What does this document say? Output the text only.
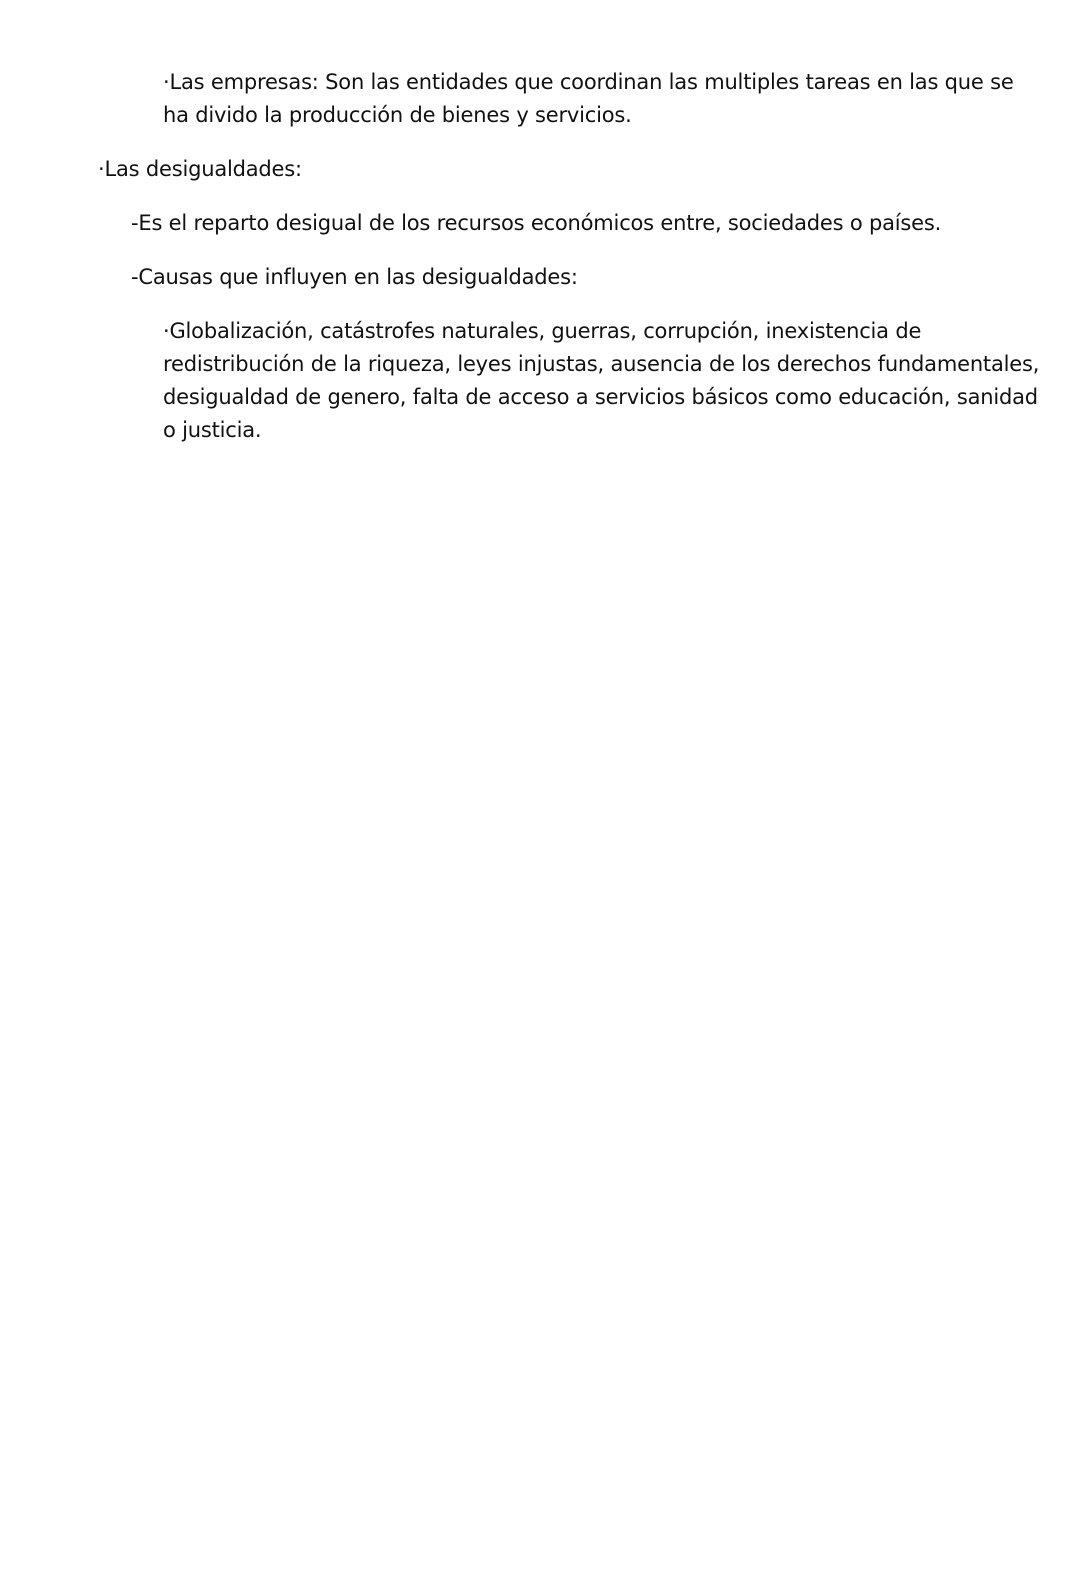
·Las empresas: Son las entidades que coordinan las multiples tareas en las que se ha divido la producción de bienes y servicios.

·Las desigualdades:

-Es el reparto desigual de los recursos económicos entre, sociedades o países.

-Causas que influyen en las desigualdades:

·Globalización, catástrofes naturales, guerras, corrupción, inexistencia de redistribución de la riqueza, leyes injustas, ausencia de los derechos fundamentales, desigualdad de genero, falta de acceso a servicios básicos como educación, sanidad o justicia.
